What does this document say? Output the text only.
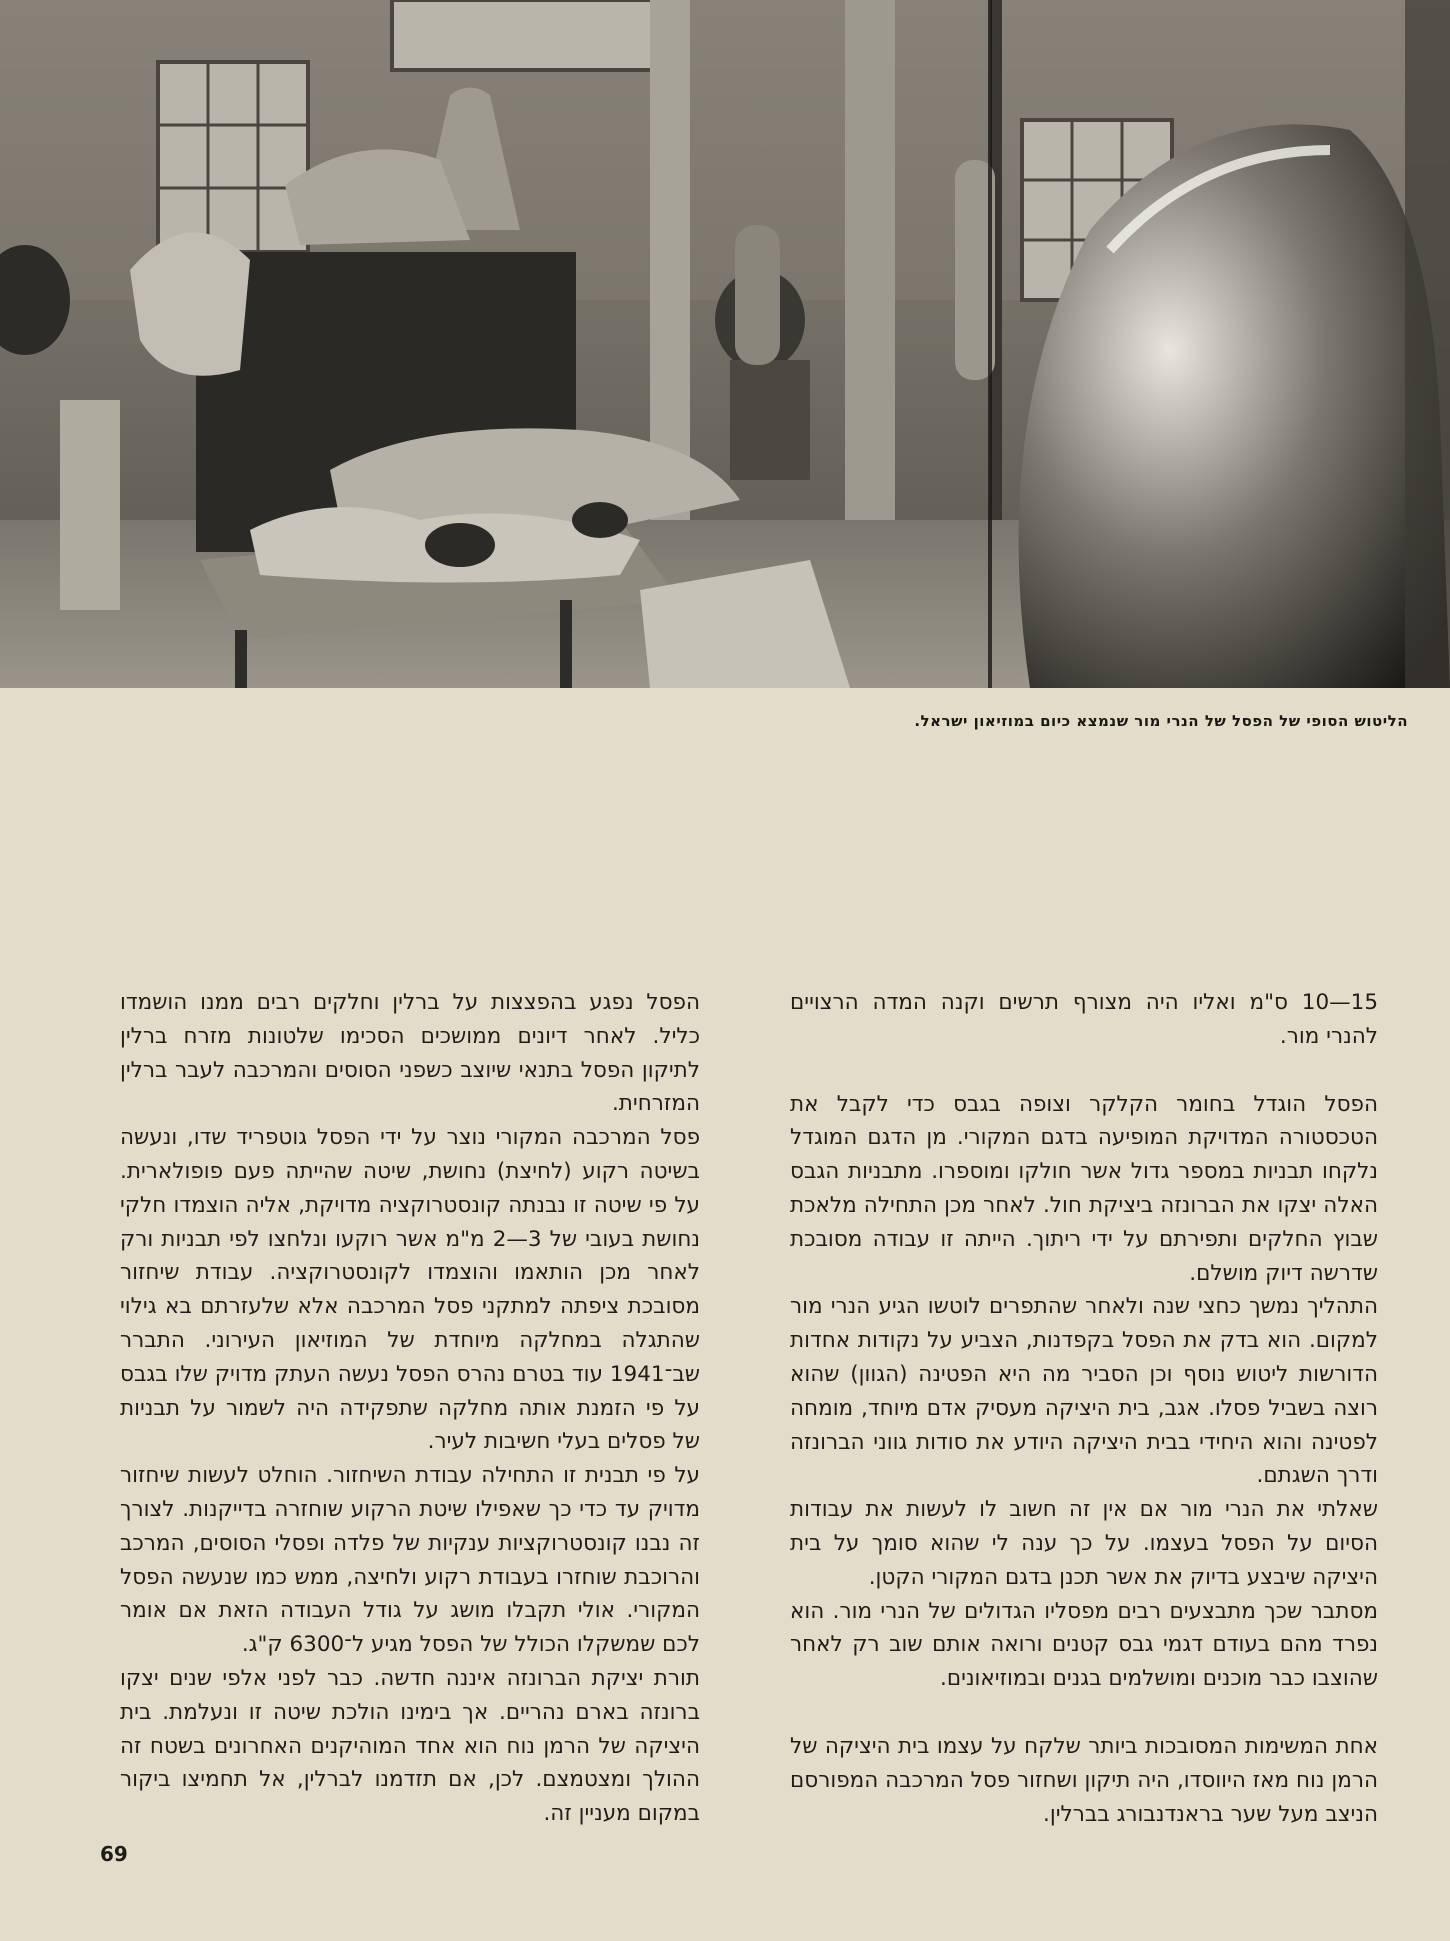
הליטוש הסופי של הפסל של הנרי מור שנמצא כיום במוזיאון ישראל.

15—10 ס"מ ואליו היה מצורף תרשים וקנה המדה הרצויים להנרי מור.

הפסל הוגדל בחומר הקלקר וצופה בגבס כדי לקבל את הטכסטורה המדויקת המופיעה בדגם המקורי. מן הדגם המוגדל נלקחו תבניות במספר גדול אשר חולקו ומוספרו. מתבניות הגבס האלה יצקו את הברונזה ביציקת חול. לאחר מכן התחילה מלאכת שבוץ החלקים ותפירתם על ידי ריתוך. הייתה זו עבודה מסובכת שדרשה דיוק מושלם.

התהליך נמשך כחצי שנה ולאחר שהתפרים לוטשו הגיע הנרי מור למקום. הוא בדק את הפסל בקפדנות, הצביע על נקודות אחדות הדורשות ליטוש נוסף וכן הסביר מה היא הפטינה (הגוון) שהוא רוצה בשביל פסלו. אגב, בית היציקה מעסיק אדם מיוחד, מומחה לפטינה והוא היחידי בבית היציקה היודע את סודות גווני הברונזה ודרך השגתם.

שאלתי את הנרי מור אם אין זה חשוב לו לעשות את עבודות הסיום על הפסל בעצמו. על כך ענה לי שהוא סומך על בית היציקה שיבצע בדיוק את אשר תכנן בדגם המקורי הקטן.

מסתבר שכך מתבצעים רבים מפסליו הגדולים של הנרי מור. הוא נפרד מהם בעודם דגמי גבס קטנים ורואה אותם שוב רק לאחר שהוצבו כבר מוכנים ומושלמים בגנים ובמוזיאונים.

אחת המשימות המסובכות ביותר שלקח על עצמו בית היציקה של הרמן נוח מאז היווסדו, היה תיקון ושחזור פסל המרכבה המפורסם הניצב מעל שער בראנדנבורג בברלין.

הפסל נפגע בהפצצות על ברלין וחלקים רבים ממנו הושמדו כליל. לאחר דיונים ממושכים הסכימו שלטונות מזרח ברלין לתיקון הפסל בתנאי שיוצב כשפני הסוסים והמרכבה לעבר ברלין המזרחית.

פסל המרכבה המקורי נוצר על ידי הפסל גוטפריד שדו, ונעשה בשיטה רקוע (לחיצת) נחושת, שיטה שהייתה פעם פופולארית. על פי שיטה זו נבנתה קונסטרוקציה מדויקת, אליה הוצמדו חלקי נחושת בעובי של 3—2 מ"מ אשר רוקעו ונלחצו לפי תבניות ורק לאחר מכן הותאמו והוצמדו לקונסטרוקציה. עבודת שיחזור מסובכת ציפתה למתקני פסל המרכבה אלא שלעזרתם בא גילוי שהתגלה במחלקה מיוחדת של המוזיאון העירוני. התברר שב־1941 עוד בטרם נהרס הפסל נעשה העתק מדויק שלו בגבס על פי הזמנת אותה מחלקה שתפקידה היה לשמור על תבניות של פסלים בעלי חשיבות לעיר.

על פי תבנית זו התחילה עבודת השיחזור. הוחלט לעשות שיחזור מדויק עד כדי כך שאפילו שיטת הרקוע שוחזרה בדייקנות. לצורך זה נבנו קונסטרוקציות ענקיות של פלדה ופסלי הסוסים, המרכב והרוכבת שוחזרו בעבודת רקוע ולחיצה, ממש כמו שנעשה הפסל המקורי. אולי תקבלו מושג על גודל העבודה הזאת אם אומר לכם שמשקלו הכולל של הפסל מגיע ל־6300 ק"ג.

תורת יציקת הברונזה איננה חדשה. כבר לפני אלפי שנים יצקו ברונזה בארם נהריים. אך בימינו הולכת שיטה זו ונעלמת. בית היציקה של הרמן נוח הוא אחד המוהיקנים האחרונים בשטח זה ההולך ומצטמצם. לכן, אם תזדמנו לברלין, אל תחמיצו ביקור במקום מעניין זה.

69
